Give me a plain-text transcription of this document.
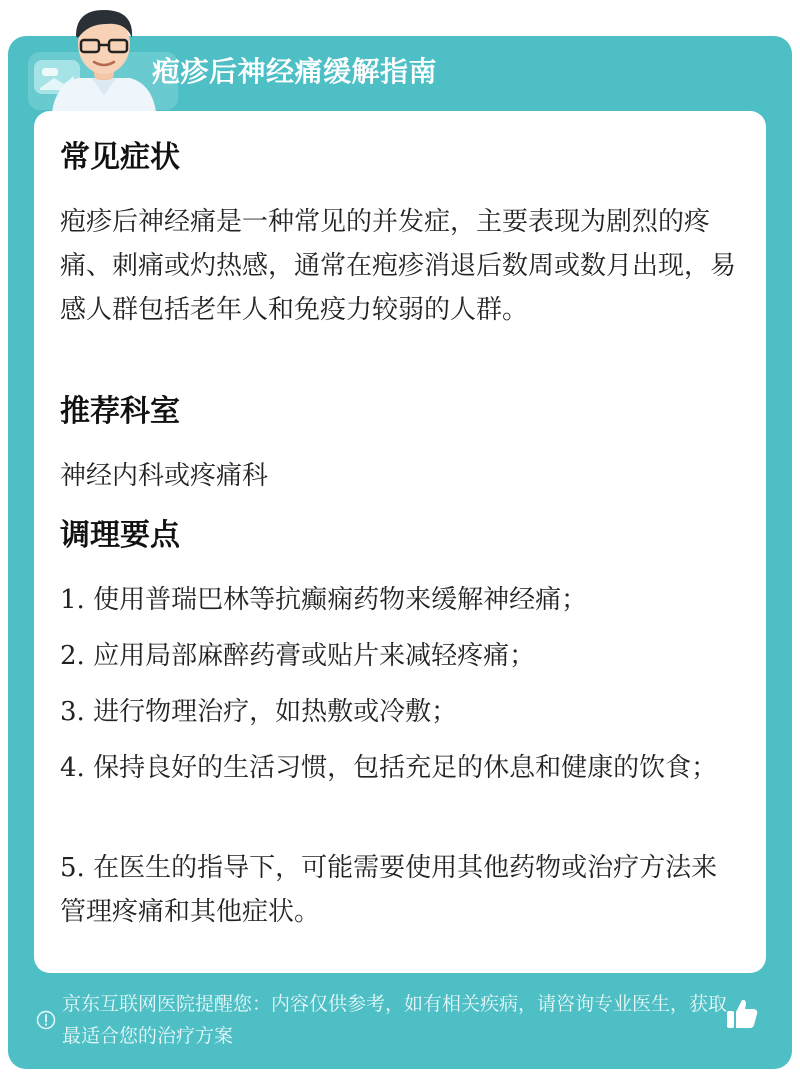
疱疹后神经痛缓解指南
常见症状
疱疹后神经痛是一种常见的并发症，主要表现为剧烈的疼痛、刺痛或灼热感，通常在疱疹消退后数周或数月出现，易感人群包括老年人和免疫力较弱的人群。
推荐科室
神经内科或疼痛科
调理要点
1. 使用普瑞巴林等抗癫痫药物来缓解神经痛；
2. 应用局部麻醉药膏或贴片来减轻疼痛；
3. 进行物理治疗，如热敷或冷敷；
4. 保持良好的生活习惯，包括充足的休息和健康的饮食；
5. 在医生的指导下，可能需要使用其他药物或治疗方法来管理疼痛和其他症状。
京东互联网医院提醒您：内容仅供参考，如有相关疾病，请咨询专业医生，获取最适合您的治疗方案
